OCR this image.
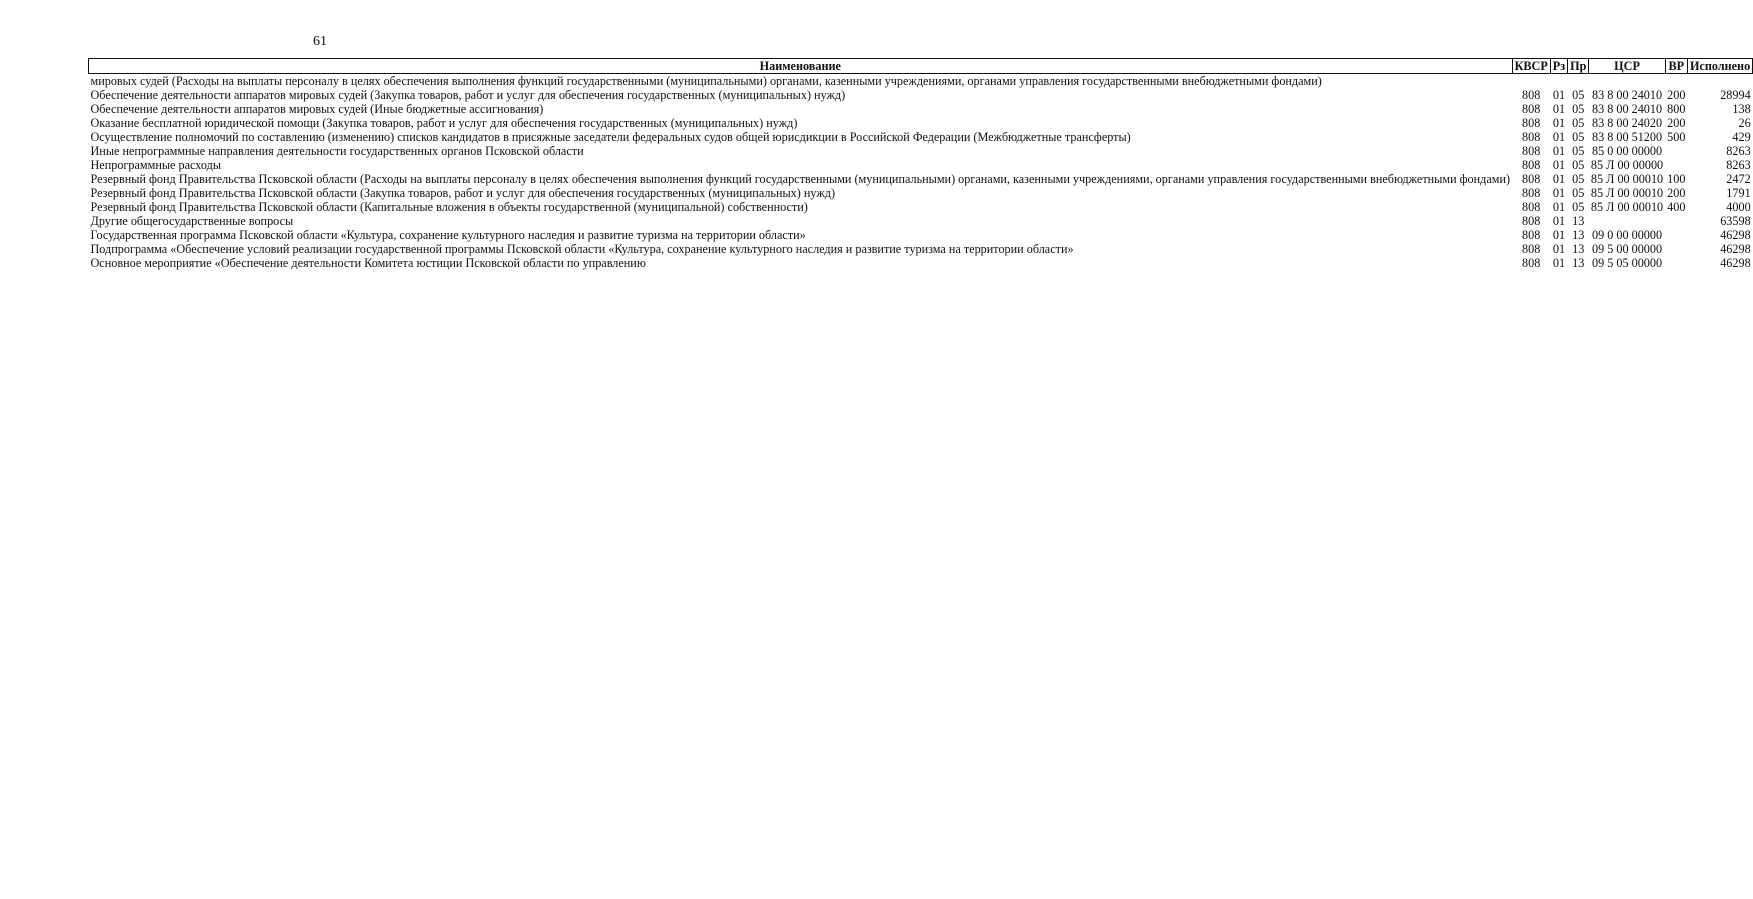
61
Наименование	КВСР	Рз	Пр	ЦСР	ВР	Исполнено
мировых судей (Расходы на выплаты персоналу в целях обеспечения выполнения функций государственными (муниципальными) органами, казенными учреждениями, органами управления государственными внебюджетными фондами)						
Обеспечение деятельности аппаратов мировых судей (Закупка товаров, работ и услуг для обеспечения государственных (муниципальных) нужд)	808	01	05	83 8 00 24010	200	28994
Обеспечение деятельности аппаратов мировых судей (Иные бюджетные ассигнования)	808	01	05	83 8 00 24010	800	138
Оказание бесплатной юридической помощи (Закупка товаров, работ и услуг для обеспечения государственных (муниципальных) нужд)	808	01	05	83 8 00 24020	200	26
Осуществление полномочий по составлению (изменению) списков кандидатов в присяжные заседатели федеральных судов общей юрисдикции в Российской Федерации (Межбюджетные трансферты)	808	01	05	83 8 00 51200	500	429
Иные непрограммные направления деятельности государственных органов Псковской области	808	01	05	85 0 00 00000		8263
Непрограммные расходы	808	01	05	85 Л 00 00000		8263
Резервный фонд Правительства Псковской области (Расходы на выплаты персоналу в целях обеспечения выполнения функций государственными (муниципальными) органами, казенными учреждениями, органами управления государственными внебюджетными фондами)	808	01	05	85 Л 00 00010	100	2472
Резервный фонд Правительства Псковской области (Закупка товаров, работ и услуг для обеспечения государственных (муниципальных) нужд)	808	01	05	85 Л 00 00010	200	1791
Резервный фонд Правительства Псковской области (Капитальные вложения в объекты государственной (муниципальной) собственности)	808	01	05	85 Л 00 00010	400	4000
Другие общегосударственные вопросы	808	01	13			63598
Государственная программа Псковской области «Культура, сохранение культурного наследия и развитие туризма на территории области»	808	01	13	09 0 00 00000		46298
Подпрограмма «Обеспечение условий реализации государственной программы Псковской области «Культура, сохранение культурного наследия и развитие туризма на территории области»	808	01	13	09 5 00 00000		46298
Основное мероприятие «Обеспечение деятельности Комитета юстиции Псковской области по управлению	808	01	13	09 5 05 00000		46298
